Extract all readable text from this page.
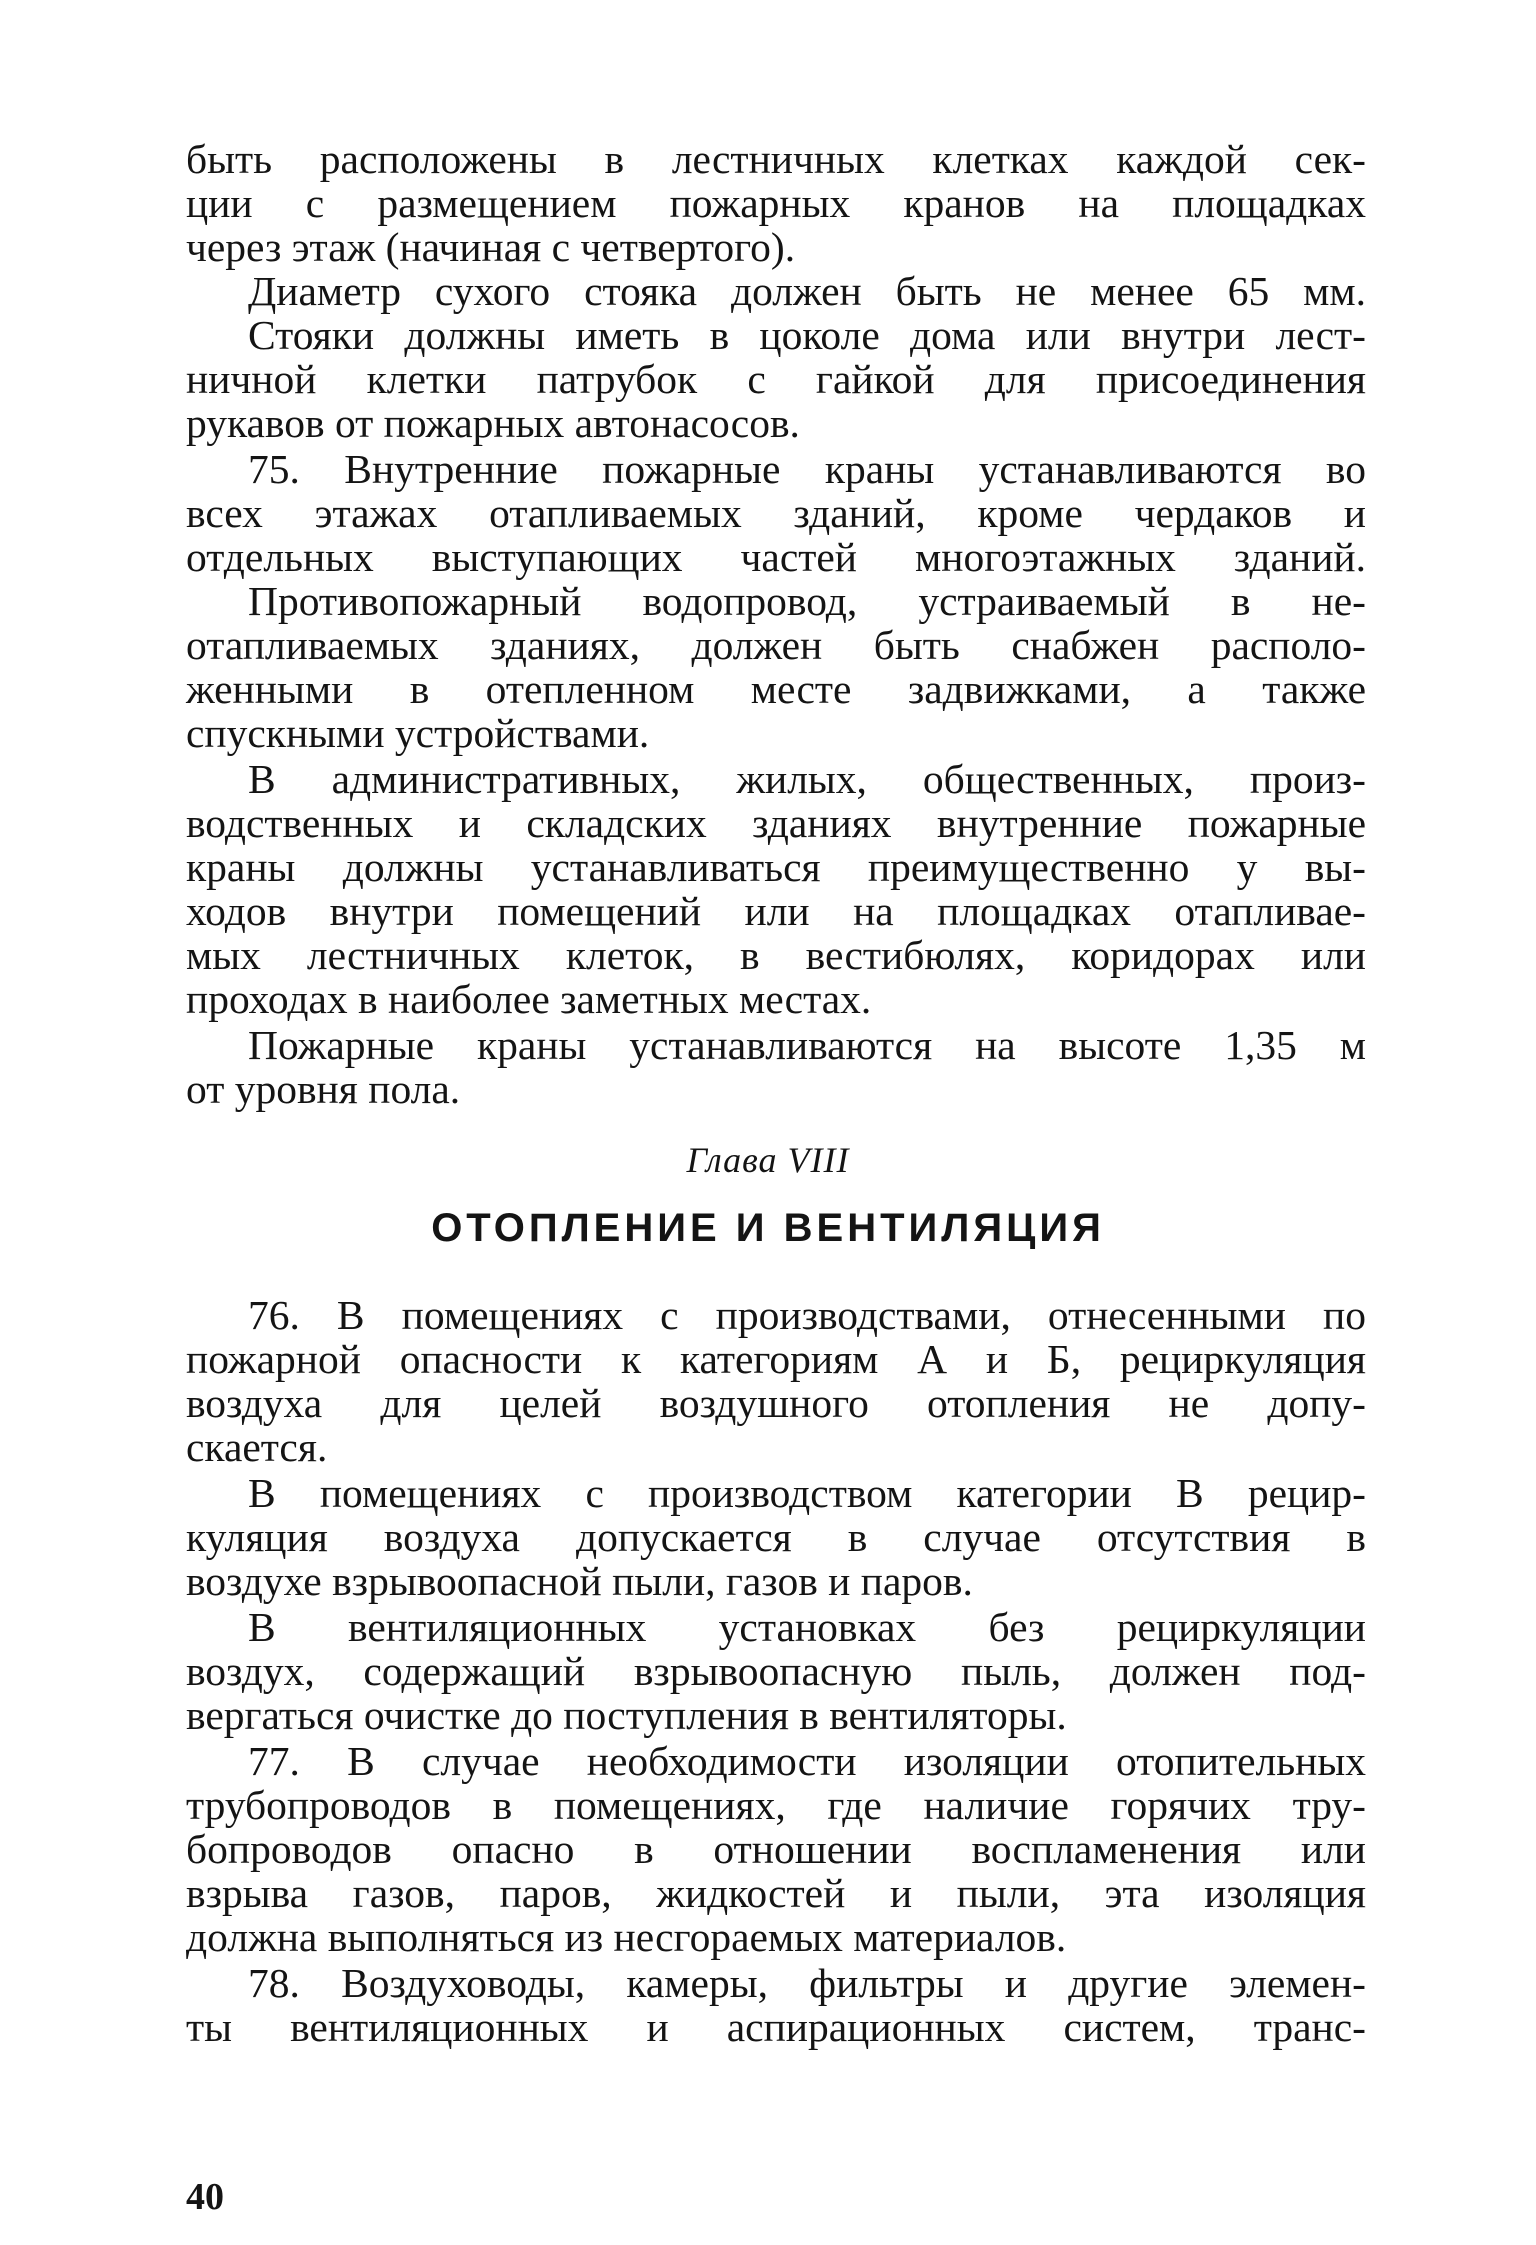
быть расположены в лестничных клетках каждой сек-
ции с размещением пожарных кранов на площадках
через этаж (начиная с четвертого).
Диаметр сухого стояка должен быть не менее 65 мм.
Стояки должны иметь в цоколе дома или внутри лест-
ничной клетки патрубок с гайкой для присоединения
рукавов от пожарных автонасосов.
75. Внутренние пожарные краны устанавливаются во
всех этажах отапливаемых зданий, кроме чердаков и
отдельных выступающих частей многоэтажных зданий.
Противопожарный водопровод, устраиваемый в не-
отапливаемых зданиях, должен быть снабжен располо-
женными в отепленном месте задвижками, а также
спускными устройствами.
В административных, жилых, общественных, произ-
водственных и складских зданиях внутренние пожарные
краны должны устанавливаться преимущественно у вы-
ходов внутри помещений или на площадках отапливае-
мых лестничных клеток, в вестибюлях, коридорах или
проходах в наиболее заметных местах.
Пожарные краны устанавливаются на высоте 1,35 м
от уровня пола.
Глава VIII
ОТОПЛЕНИЕ И ВЕНТИЛЯЦИЯ
76. В помещениях с производствами, отнесенными по
пожарной опасности к категориям А и Б, рециркуляция
воздуха для целей воздушного отопления не допу-
скается.
В помещениях с производством категории В рецир-
куляция воздуха допускается в случае отсутствия в
воздухе взрывоопасной пыли, газов и паров.
В вентиляционных установках без рециркуляции
воздух, содержащий взрывоопасную пыль, должен под-
вергаться очистке до поступления в вентиляторы.
77. В случае необходимости изоляции отопительных
трубопроводов в помещениях, где наличие горячих тру-
бопроводов опасно в отношении воспламенения или
взрыва газов, паров, жидкостей и пыли, эта изоляция
должна выполняться из несгораемых материалов.
78. Воздуховоды, камеры, фильтры и другие элемен-
ты вентиляционных и аспирационных систем, транс-
40
